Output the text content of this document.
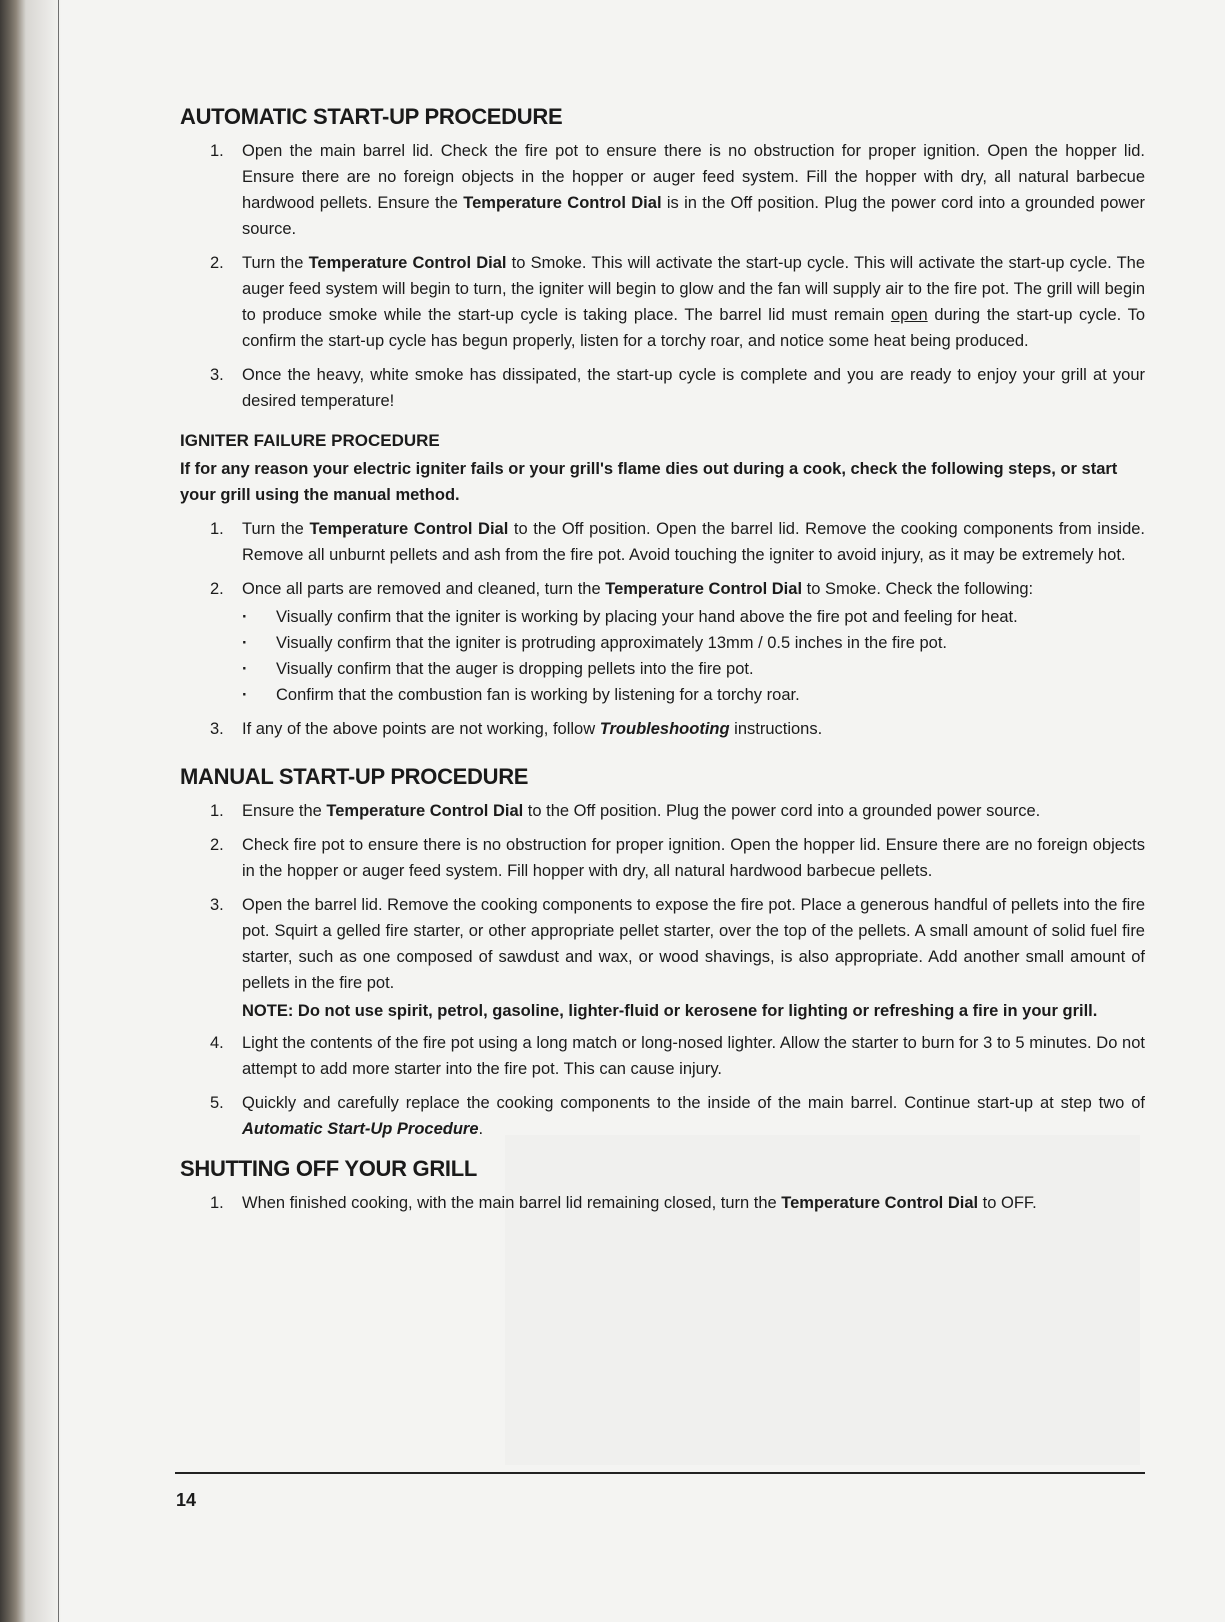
AUTOMATIC START-UP PROCEDURE
1. Open the main barrel lid. Check the fire pot to ensure there is no obstruction for proper ignition. Open the hopper lid. Ensure there are no foreign objects in the hopper or auger feed system. Fill the hopper with dry, all natural barbecue hardwood pellets. Ensure the Temperature Control Dial is in the Off position. Plug the power cord into a grounded power source.
2. Turn the Temperature Control Dial to Smoke. This will activate the start-up cycle. This will activate the start-up cycle. The auger feed system will begin to turn, the igniter will begin to glow and the fan will supply air to the fire pot. The grill will begin to produce smoke while the start-up cycle is taking place. The barrel lid must remain open during the start-up cycle. To confirm the start-up cycle has begun properly, listen for a torchy roar, and notice some heat being produced.
3. Once the heavy, white smoke has dissipated, the start-up cycle is complete and you are ready to enjoy your grill at your desired temperature!
IGNITER FAILURE PROCEDURE
If for any reason your electric igniter fails or your grill's flame dies out during a cook, check the following steps, or start your grill using the manual method.
1. Turn the Temperature Control Dial to the Off position. Open the barrel lid. Remove the cooking components from inside. Remove all unburnt pellets and ash from the fire pot. Avoid touching the igniter to avoid injury, as it may be extremely hot.
2. Once all parts are removed and cleaned, turn the Temperature Control Dial to Smoke. Check the following:
· Visually confirm that the igniter is working by placing your hand above the fire pot and feeling for heat.
· Visually confirm that the igniter is protruding approximately 13mm / 0.5 inches in the fire pot.
· Visually confirm that the auger is dropping pellets into the fire pot.
· Confirm that the combustion fan is working by listening for a torchy roar.
3. If any of the above points are not working, follow Troubleshooting instructions.
MANUAL START-UP PROCEDURE
1. Ensure the Temperature Control Dial to the Off position. Plug the power cord into a grounded power source.
2. Check fire pot to ensure there is no obstruction for proper ignition. Open the hopper lid. Ensure there are no foreign objects in the hopper or auger feed system. Fill hopper with dry, all natural hardwood barbecue pellets.
3. Open the barrel lid. Remove the cooking components to expose the fire pot. Place a generous handful of pellets into the fire pot. Squirt a gelled fire starter, or other appropriate pellet starter, over the top of the pellets. A small amount of solid fuel fire starter, such as one composed of sawdust and wax, or wood shavings, is also appropriate. Add another small amount of pellets in the fire pot.
NOTE: Do not use spirit, petrol, gasoline, lighter-fluid or kerosene for lighting or refreshing a fire in your grill.
4. Light the contents of the fire pot using a long match or long-nosed lighter. Allow the starter to burn for 3 to 5 minutes. Do not attempt to add more starter into the fire pot. This can cause injury.
5. Quickly and carefully replace the cooking components to the inside of the main barrel. Continue start-up at step two of Automatic Start-Up Procedure.
SHUTTING OFF YOUR GRILL
1. When finished cooking, with the main barrel lid remaining closed, turn the Temperature Control Dial to OFF.
14
